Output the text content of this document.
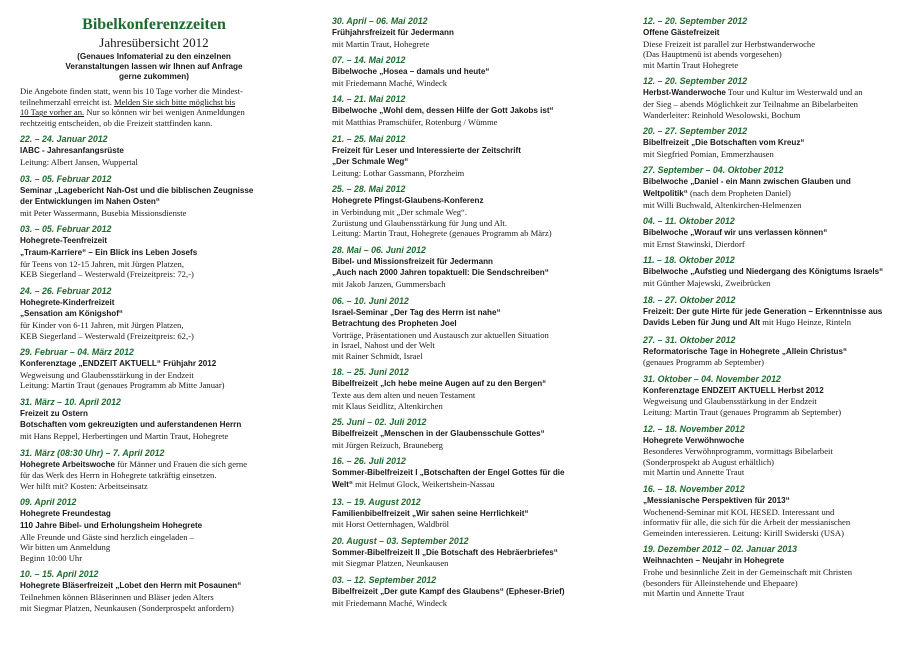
Bibelkonferenzzeiten
Jahresübersicht 2012
(Genaues Infomaterial zu den einzelnen
Veranstaltungen lassen wir Ihnen auf Anfrage
gerne zukommen)
Die Angebote finden statt, wenn bis 10 Tage vorher die Mindest-
teilnehmerzahl erreicht ist. Melden Sie sich bitte möglichst bis
10 Tage vorher an. Nur so können wir bei wenigen Anmeldungen
rechtzeitig entscheiden, ob die Freizeit stattfinden kann.
22. – 24. Januar 2012
IABC - Jahresanfangsrüste
Leitung: Albert Jansen, Wuppertal
03. – 05. Februar 2012
Seminar „Lagebericht Nah-Ost und die biblischen Zeugnisse
der Entwicklungen im Nahen Osten“
mit Peter Wassermann, Busebia Missionsdienste
03. – 05. Februar 2012
Hohegrete-Teenfreizeit
„Traum-Karriere“ – Ein Blick ins Leben Josefs
für Teens von 12-15 Jahren, mit Jürgen Platzen,
KEB Siegerland – Westerwald (Freizeitpreis: 72,-)
24. – 26. Februar 2012
Hohegrete-Kinderfreizeit
„Sensation am Königshof“
für Kinder von 6-11 Jahren, mit Jürgen Platzen,
KEB Siegerland – Westerwald (Freizeitpreis: 62,-)
29. Februar – 04. März 2012
Konferenztage „ENDZEIT AKTUELL“ Frühjahr 2012
Wegweisung und Glaubensstärkung in der Endzeit
Leitung: Martin Traut (genaues Programm ab Mitte Januar)
31. März – 10. April 2012
Freizeit zu Ostern
Botschaften vom gekreuzigten und auferstandenen Herrn
mit Hans Reppel, Herbertingen und Martin Traut, Hohegrete
31. März (08:30 Uhr) – 7. April 2012
Hohegrete Arbeitswoche für Männer und Frauen die sich gerne
für das Werk des Herrn in Hohegrete tatkräftig einsetzen.
Wer hilft mit? Kosten: Arbeitseinsatz
09. April 2012
Hohegrete Freundestag
110 Jahre Bibel- und Erholungsheim Hohegrete
Alle Freunde und Gäste sind herzlich eingeladen –
Wir bitten um Anmeldung
Beginn 10:00 Uhr
10. – 15. April 2012
Hohegrete Bläserfreizeit „Lobet den Herrn mit Posaunen“
Teilnehmen können Bläserinnen und Bläser jeden Alters
mit Siegmar Platzen, Neunkausen (Sonderprospekt anfordern)
30. April – 06. Mai 2012
Frühjahrsfreizeit für Jedermann
mit Martin Traut, Hohegrete
07. – 14. Mai 2012
Bibelwoche „Hosea – damals und heute“
mit Friedemann Maché, Windeck
14. – 21. Mai 2012
Bibelwoche „Wohl dem, dessen Hilfe der Gott Jakobs ist“
mit Matthias Pramschüfer, Rotenburg / Wümme
21. – 25. Mai 2012
Freizeit für Leser und Interessierte der Zeitschrift
„Der Schmale Weg“
Leitung: Lothar Gassmann, Pforzheim
25. – 28. Mai 2012
Hohegrete Pfingst-Glaubens-Konferenz
in Verbindung mit „Der schmale Weg“.
Zurüstung und Glaubensstärkung für Jung und Alt.
Leitung: Martin Traut, Hohegrete (genaues Programm ab März)
28. Mai – 06. Juni 2012
Bibel- und Missionsfreizeit für Jedermann
„Auch nach 2000 Jahren topaktuell: Die Sendschreiben“
mit Jakob Janzen, Gummersbach
06. – 10. Juni 2012
Israel-Seminar „Der Tag des Herrn ist nahe“
Betrachtung des Propheten Joel
Vorträge, Präsentationen und Austausch zur aktuellen Situation
in Israel, Nahost und der Welt
mit Rainer Schmidt, Israel
18. – 25. Juni 2012
Bibelfreizeit „Ich hebe meine Augen auf zu den Bergen“
Texte aus dem alten und neuen Testament
mit Klaus Seidlitz, Altenkirchen
25. Juni – 02. Juli 2012
Bibelfreizeit „Menschen in der Glaubensschule Gottes“
mit Jürgen Reizuch, Brauneberg
16. – 26. Juli 2012
Sommer-Bibelfreizeit I „Botschaften der Engel Gottes für die
Welt“ mit Helmut Glock, Weikertshein-Nassau
13. – 19. August 2012
Familienbibelfreizeit „Wir sahen seine Herrlichkeit“
mit Horst Oetternhagen, Waldbröl
20. August – 03. September 2012
Sommer-Bibelfreizeit II „Die Botschaft des Hebräerbriefes“
mit Siegmar Platzen, Neunkausen
03. – 12. September 2012
Bibelfreizeit „Der gute Kampf des Glaubens“ (Epheser-Brief)
mit Friedemann Maché, Windeck
12. – 20. September 2012
Offene Gästefreizeit
Diese Freizeit ist parallel zur Herbstwanderwoche
(Das Hauptmenü ist abends vorgesehen)
mit Martin Traut Hohegrete
12. – 20. September 2012
Herbst-Wanderwoche Tour und Kultur im Westerwald und an
der Sieg – abends Möglichkeit zur Teilnahme an Bibelarbeiten
Wanderleiter: Reinhold Wesolowski, Bochum
20. – 27. September 2012
Bibelfreizeit „Die Botschaften vom Kreuz“
mit Siegfried Pomian, Emmerzhausen
27. September – 04. Oktober 2012
Bibelwoche „Daniel - ein Mann zwischen Glauben und
Weltpolitik“ (nach dem Propheten Daniel)
mit Willi Buchwald, Altenkirchen-Helmenzen
04. – 11. Oktober 2012
Bibelwoche „Worauf wir uns verlassen können“
mit Ernst Stawinski, Dierdorf
11. – 18. Oktober 2012
Bibelwoche „Aufstieg und Niedergang des Königtums Israels“
mit Günther Majewski, Zweibrücken
18. – 27. Oktober 2012
Freizeit: Der gute Hirte für jede Generation – Erkenntnisse aus
Davids Leben für Jung und Alt mit Hugo Heinze, Rinteln
27. – 31. Oktober 2012
Reformatorische Tage in Hohegrete „Allein Christus“
(genaues Programm ab September)
31. Oktober – 04. November 2012
Konferenztage ENDZEIT AKTUELL Herbst 2012
Wegweisung und Glaubensstärkung in der Endzeit
Leitung: Martin Traut (genaues Programm ab September)
12. – 18. November 2012
Hohegrete Verwöhnwoche
Besonderes Verwöhnprogramm, vormittags Bibelarbeit
(Sonderprospekt ab August erhältlich)
mit Martin und Annette Traut
16. – 18. November 2012
„Messianische Perspektiven für 2013“
Wochenend-Seminar mit KOL HESED. Interessant und
informativ für alle, die sich für die Arbeit der messianischen
Gemeinden interessieren. Leitung: Kirill Swiderski (USA)
19. Dezember 2012 – 02. Januar 2013
Weihnachten – Neujahr in Hohegrete
Frohe und besinnliche Zeit in der Gemeinschaft mit Christen
(besonders für Alleinstehende und Ehepaare)
mit Martin und Annette Traut
